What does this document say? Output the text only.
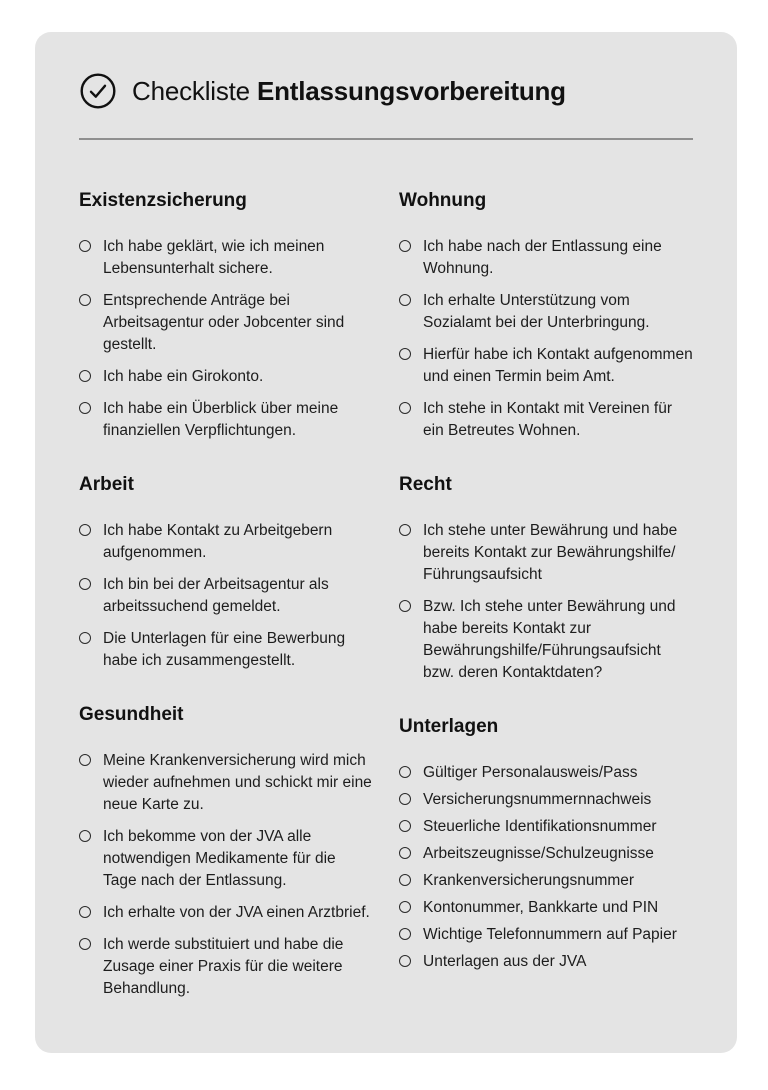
Checkliste Entlassungsvorbereitung
Existenzsicherung
Ich habe geklärt, wie ich meinen Lebensunterhalt sichere.
Entsprechende Anträge bei Arbeitsagentur oder Jobcenter sind gestellt.
Ich habe ein Girokonto.
Ich habe ein Überblick über meine finanziellen Verpflichtungen.
Arbeit
Ich habe Kontakt zu Arbeitgebern aufgenommen.
Ich bin bei der Arbeitsagentur als arbeitssuchend gemeldet.
Die Unterlagen für eine Bewerbung habe ich zusammengestellt.
Gesundheit
Meine Krankenversicherung wird mich wieder aufnehmen und schickt mir eine neue Karte zu.
Ich bekomme von der JVA alle notwendigen Medikamente für die Tage nach der Entlassung.
Ich erhalte von der JVA einen Arztbrief.
Ich werde substituiert und habe die Zusage einer Praxis für die weitere Behandlung.
Wohnung
Ich habe nach der Entlassung eine Wohnung.
Ich erhalte Unterstützung vom Sozialamt bei der Unterbringung.
Hierfür habe ich Kontakt aufgenommen und einen Termin beim Amt.
Ich stehe in Kontakt mit Vereinen für ein Betreutes Wohnen.
Recht
Ich stehe unter Bewährung und habe bereits Kontakt zur Bewährungshilfe/ Führungsaufsicht
Bzw. Ich stehe unter Bewährung und habe bereits Kontakt zur Bewährungshilfe/Führungsaufsicht bzw. deren Kontaktdaten?
Unterlagen
Gültiger Personalausweis/Pass
Versicherungsnummernnachweis
Steuerliche Identifikationsnummer
Arbeitszeugnisse/Schulzeugnisse
Krankenversicherungsnummer
Kontonummer, Bankkarte und PIN
Wichtige Telefonnummern auf Papier
Unterlagen aus der JVA
